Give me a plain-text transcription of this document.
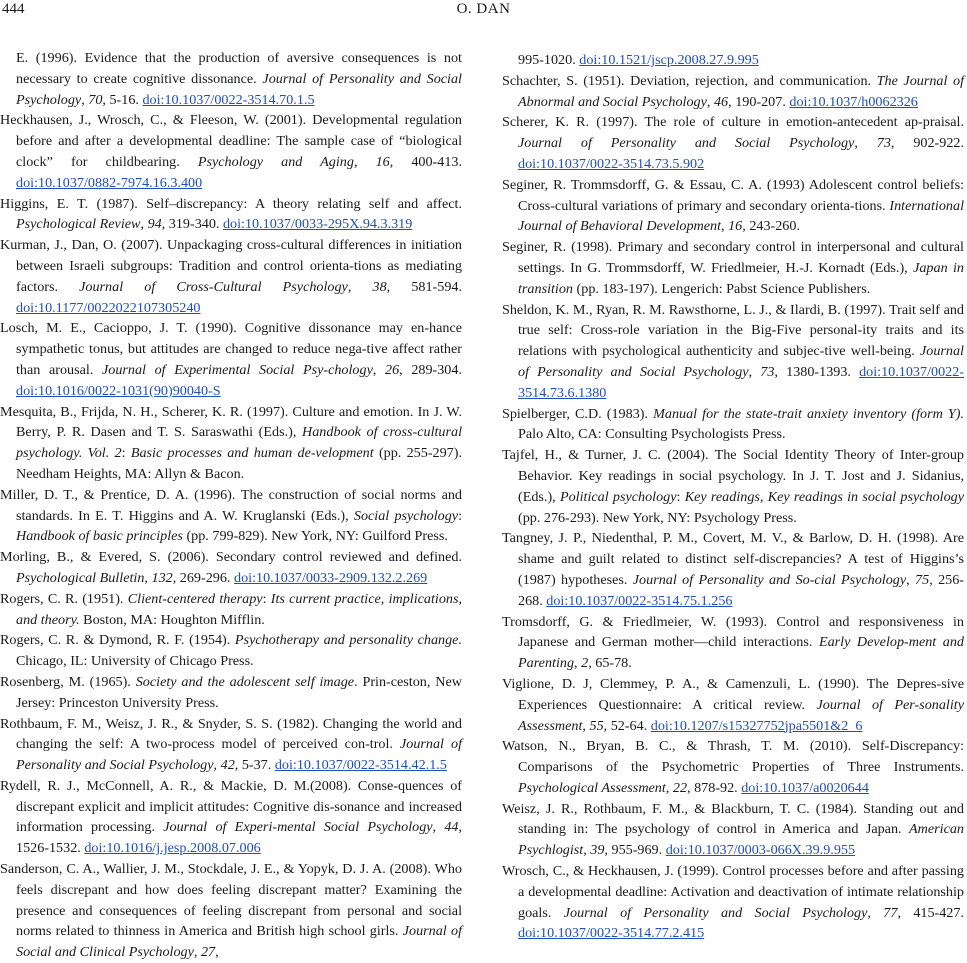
444	O. DAN

E. (1996). Evidence that the production of aversive consequences is not necessary to create cognitive dissonance. Journal of Personality and Social Psychology, 70, 5-16. doi:10.1037/0022-3514.70.1.5

Heckhausen, J., Wrosch, C., & Fleeson, W. (2001). Developmental regulation before and after a developmental deadline: The sample case of “biological clock” for childbearing. Psychology and Aging, 16, 400-413. doi:10.1037/0882-7974.16.3.400

Higgins, E. T. (1987). Self–discrepancy: A theory relating self and affect. Psychological Review, 94, 319-340. doi:10.1037/0033-295X.94.3.319

Kurman, J., Dan, O. (2007). Unpackaging cross-cultural differences in initiation between Israeli subgroups: Tradition and control orienta-tions as mediating factors. Journal of Cross-Cultural Psychology, 38, 581-594. doi:10.1177/0022022107305240

Losch, M. E., Cacioppo, J. T. (1990). Cognitive dissonance may en-hance sympathetic tonus, but attitudes are changed to reduce nega-tive affect rather than arousal. Journal of Experimental Social Psy-chology, 26, 289-304. doi:10.1016/0022-1031(90)90040-S

Mesquita, B., Frijda, N. H., Scherer, K. R. (1997). Culture and emotion. In J. W. Berry, P. R. Dasen and T. S. Saraswathi (Eds.), Handbook of cross-cultural psychology. Vol. 2: Basic processes and human de-velopment (pp. 255-297). Needham Heights, MA: Allyn & Bacon.

Miller, D. T., & Prentice, D. A. (1996). The construction of social norms and standards. In E. T. Higgins and A. W. Kruglanski (Eds.), Social psychology: Handbook of basic principles (pp. 799-829). New York, NY: Guilford Press.

Morling, B., & Evered, S. (2006). Secondary control reviewed and defined. Psychological Bulletin, 132, 269-296. doi:10.1037/0033-2909.132.2.269

Rogers, C. R. (1951). Client-centered therapy: Its current practice, implications, and theory. Boston, MA: Houghton Mifflin.

Rogers, C. R. & Dymond, R. F. (1954). Psychotherapy and personality change. Chicago, IL: University of Chicago Press.

Rosenberg, M. (1965). Society and the adolescent self image. Prin-ceston, New Jersey: Princeston University Press.

Rothbaum, F. M., Weisz, J. R., & Snyder, S. S. (1982). Changing the world and changing the self: A two-process model of perceived con-trol. Journal of Personality and Social Psychology, 42, 5-37. doi:10.1037/0022-3514.42.1.5

Rydell, R. J., McConnell, A. R., & Mackie, D. M.(2008). Conse-quences of discrepant explicit and implicit attitudes: Cognitive dis-sonance and increased information processing. Journal of Experi-mental Social Psychology, 44, 1526-1532. doi:10.1016/j.jesp.2008.07.006

Sanderson, C. A., Wallier, J. M., Stockdale, J. E., & Yopyk, D. J. A. (2008). Who feels discrepant and how does feeling discrepant matter? Examining the presence and consequences of feeling discrepant from personal and social norms related to thinness in America and British high school girls. Journal of Social and Clinical Psychology, 27,

995-1020. doi:10.1521/jscp.2008.27.9.995

Schachter, S. (1951). Deviation, rejection, and communication. The Journal of Abnormal and Social Psychology, 46, 190-207. doi:10.1037/h0062326

Scherer, K. R. (1997). The role of culture in emotion-antecedent ap-praisal. Journal of Personality and Social Psychology, 73, 902-922. doi:10.1037/0022-3514.73.5.902

Seginer, R. Trommsdorff, G. & Essau, C. A. (1993) Adolescent control beliefs: Cross-cultural variations of primary and secondary orienta-tions. International Journal of Behavioral Development, 16, 243-260.

Seginer, R. (1998). Primary and secondary control in interpersonal and cultural settings. In G. Trommsdorff, W. Friedlmeier, H.-J. Kornadt (Eds.), Japan in transition (pp. 183-197). Lengerich: Pabst Science Publishers.

Sheldon, K. M., Ryan, R. M. Rawsthorne, L. J., & Ilardi, B. (1997). Trait self and true self: Cross-role variation in the Big-Five personal-ity traits and its relations with psychological authenticity and subjec-tive well-being. Journal of Personality and Social Psychology, 73, 1380-1393. doi:10.1037/0022-3514.73.6.1380

Spielberger, C.D. (1983). Manual for the state-trait anxiety inventory (form Y). Palo Alto, CA: Consulting Psychologists Press.

Tajfel, H., & Turner, J. C. (2004). The Social Identity Theory of Inter-group Behavior. Key readings in social psychology. In J. T. Jost and J. Sidanius, (Eds.), Political psychology: Key readings, Key readings in social psychology (pp. 276-293). New York, NY: Psychology Press.

Tangney, J. P., Niedenthal, P. M., Covert, M. V., & Barlow, D. H. (1998). Are shame and guilt related to distinct self-discrepancies? A test of Higgins’s (1987) hypotheses. Journal of Personality and So-cial Psychology, 75, 256-268. doi:10.1037/0022-3514.75.1.256

Tromsdorff, G. & Friedlmeier, W. (1993). Control and responsiveness in Japanese and German mother—child interactions. Early Develop-ment and Parenting, 2, 65-78.

Viglione, D. J, Clemmey, P. A., & Camenzuli, L. (1990). The Depres-sive Experiences Questionnaire: A critical review. Journal of Per-sonality Assessment, 55, 52-64. doi:10.1207/s15327752jpa5501&2_6

Watson, N., Bryan, B. C., & Thrash, T. M. (2010). Self-Discrepancy: Comparisons of the Psychometric Properties of Three Instruments. Psychological Assessment, 22, 878-92. doi:10.1037/a0020644

Weisz, J. R., Rothbaum, F. M., & Blackburn, T. C. (1984). Standing out and standing in: The psychology of control in America and Japan. American Psychlogist, 39, 955-969. doi:10.1037/0003-066X.39.9.955

Wrosch, C., & Heckhausen, J. (1999). Control processes before and after passing a developmental deadline: Activation and deactivation of intimate relationship goals. Journal of Personality and Social Psychology, 77, 415-427. doi:10.1037/0022-3514.77.2.415
